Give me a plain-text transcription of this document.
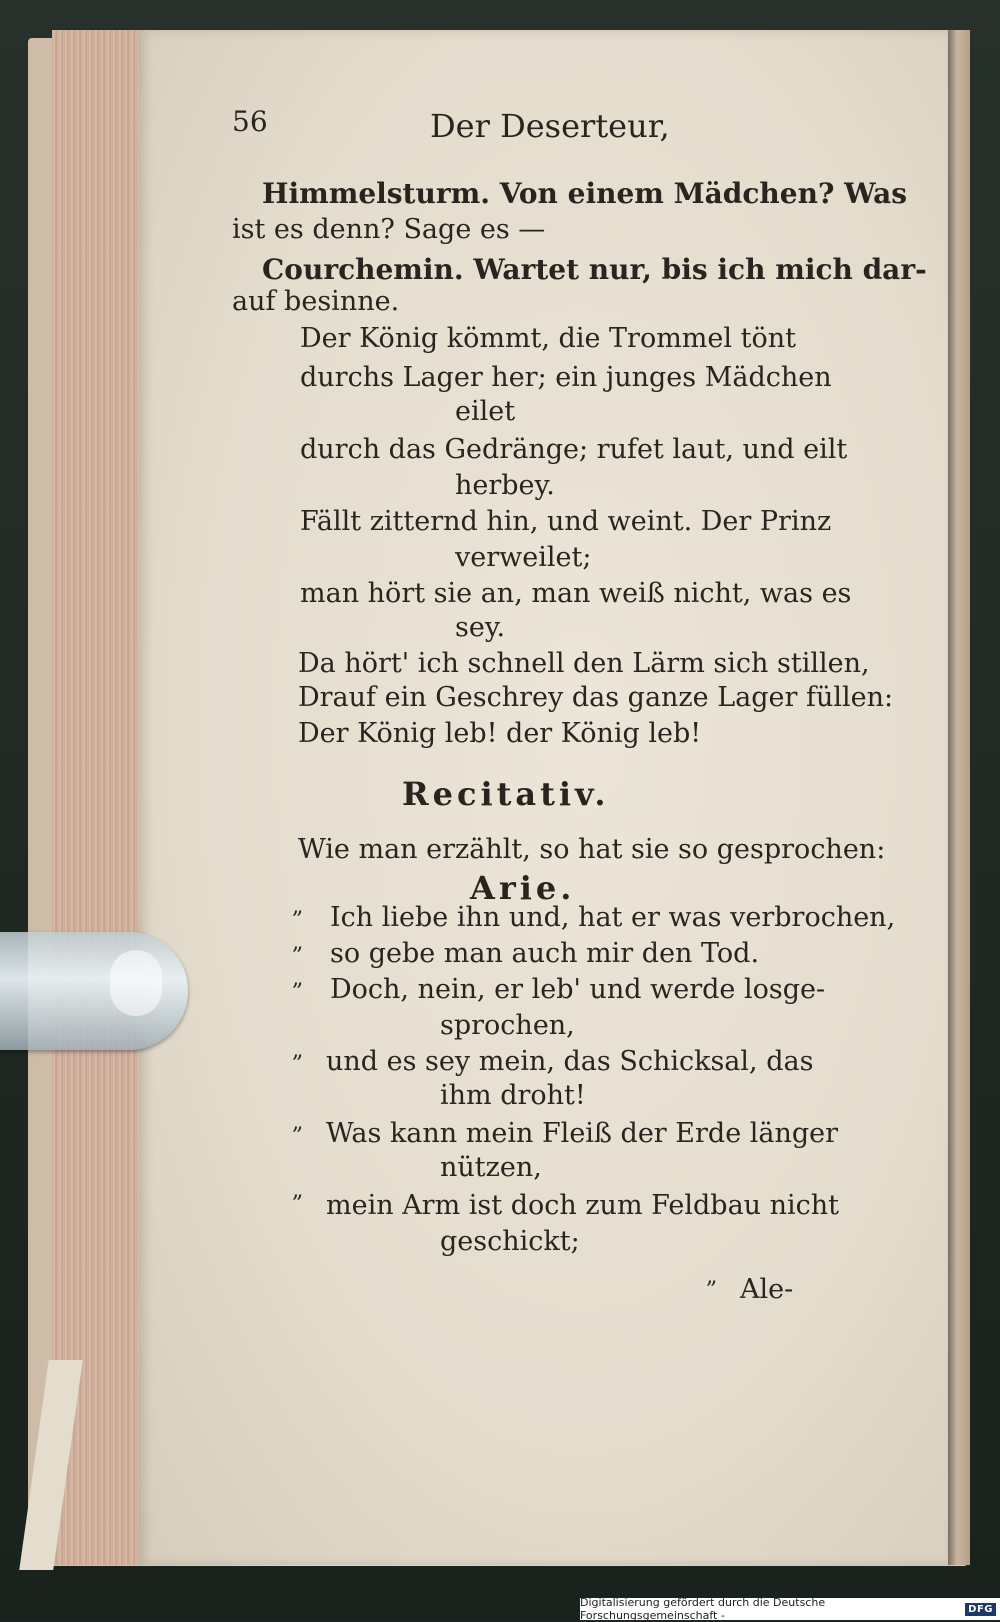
56	Der Deserteur,
Himmelsturm. Von einem Mädchen? Was
ist es denn? Sage es —
Courchemin. Wartet nur, bis ich mich dar-
auf besinne.
Der König kömmt, die Trommel tönt
durchs Lager her; ein junges Mädchen
eilet
durch das Gedränge; rufet laut, und eilt
herbey.
Fällt zitternd hin, und weint. Der Prinz
verweilet;
man hört sie an, man weiß nicht, was es
sey.
Da hört' ich schnell den Lärm sich stillen,
Drauf ein Geschrey das ganze Lager füllen:
Der König leb! der König leb!
Recitativ.
Wie man erzählt, so hat sie so gesprochen:
Arie.
„
„
„
„
„
„
Ich liebe ihn und, hat er was verbrochen,
so gebe man auch mir den Tod.
Doch, nein, er leb' und werde losge-
sprochen,
und es sey mein, das Schicksal, das
ihm droht!
Was kann mein Fleiß der Erde länger
nützen,
mein Arm ist doch zum Feldbau nicht
geschickt;
„ Ale-
Digitalisierung gefördert durch die Deutsche Forschungsgemeinschaft -	DFG
